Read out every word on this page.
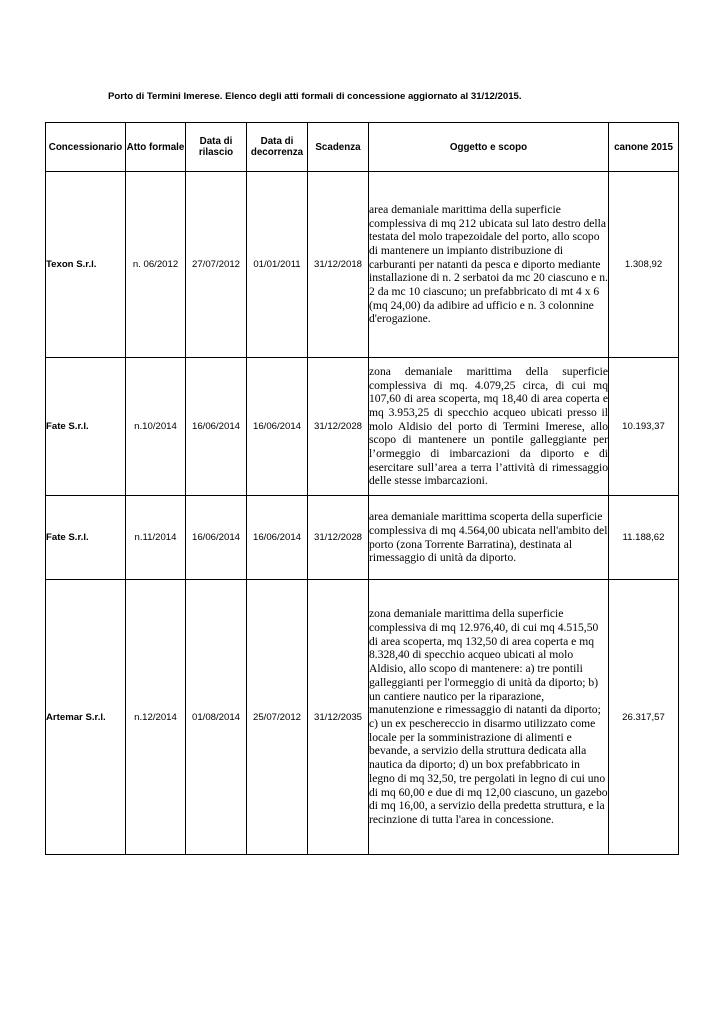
Porto di Termini Imerese. Elenco degli atti formali di concessione aggiornato al 31/12/2015.
Concessionario	Atto formale	Data di rilascio	Data di decorrenza	Scadenza	Oggetto e scopo	canone 2015
Texon S.r.l.	n. 06/2012	27/07/2012	01/01/2011	31/12/2018	area demaniale marittima della superficie complessiva di mq 212 ubicata sul lato destro della testata del molo trapezoidale del porto, allo scopo di mantenere un impianto distribuzione di carburanti per natanti da pesca e diporto mediante installazione di n. 2 serbatoi da mc 20 ciascuno e n. 2 da mc 10 ciascuno; un prefabbricato di mt 4 x 6 (mq 24,00) da adibire ad ufficio e n. 3 colonnine d'erogazione.	1.308,92
Fate S.r.l.	n.10/2014	16/06/2014	16/06/2014	31/12/2028	zona demaniale marittima della superficie complessiva di mq. 4.079,25 circa, di cui mq 107,60 di area scoperta, mq 18,40 di area coperta e mq 3.953,25 di specchio acqueo ubicati presso il molo Aldisio del porto di Termini Imerese, allo scopo di mantenere un pontile galleggiante per l’ormeggio di imbarcazioni da diporto e di esercitare sull’area a terra l’attività di rimessaggio delle stesse imbarcazioni.	10.193,37
Fate S.r.l.	n.11/2014	16/06/2014	16/06/2014	31/12/2028	area demaniale marittima scoperta della superficie complessiva di mq 4.564,00 ubicata nell'ambito del porto (zona Torrente Barratina), destinata al rimessaggio di unità da diporto.	11.188,62
Artemar S.r.l.	n.12/2014	01/08/2014	25/07/2012	31/12/2035	zona demaniale marittima della superficie complessiva di mq 12.976,40, di cui mq 4.515,50 di area scoperta, mq 132,50 di area coperta e mq 8.328,40 di specchio acqueo ubicati al molo Aldisio, allo scopo di mantenere: a) tre pontili galleggianti per l'ormeggio di unità da diporto; b) un cantiere nautico per la riparazione, manutenzione e rimessaggio di natanti da diporto; c) un ex peschereccio in disarmo utilizzato come locale per la somministrazione di alimenti e bevande, a servizio della struttura dedicata alla nautica da diporto; d) un box prefabbricato in legno di mq 32,50, tre pergolati in legno di cui uno di mq 60,00 e due di mq 12,00 ciascuno, un gazebo di mq 16,00, a servizio della predetta struttura, e la recinzione di tutta l'area in concessione.	26.317,57
